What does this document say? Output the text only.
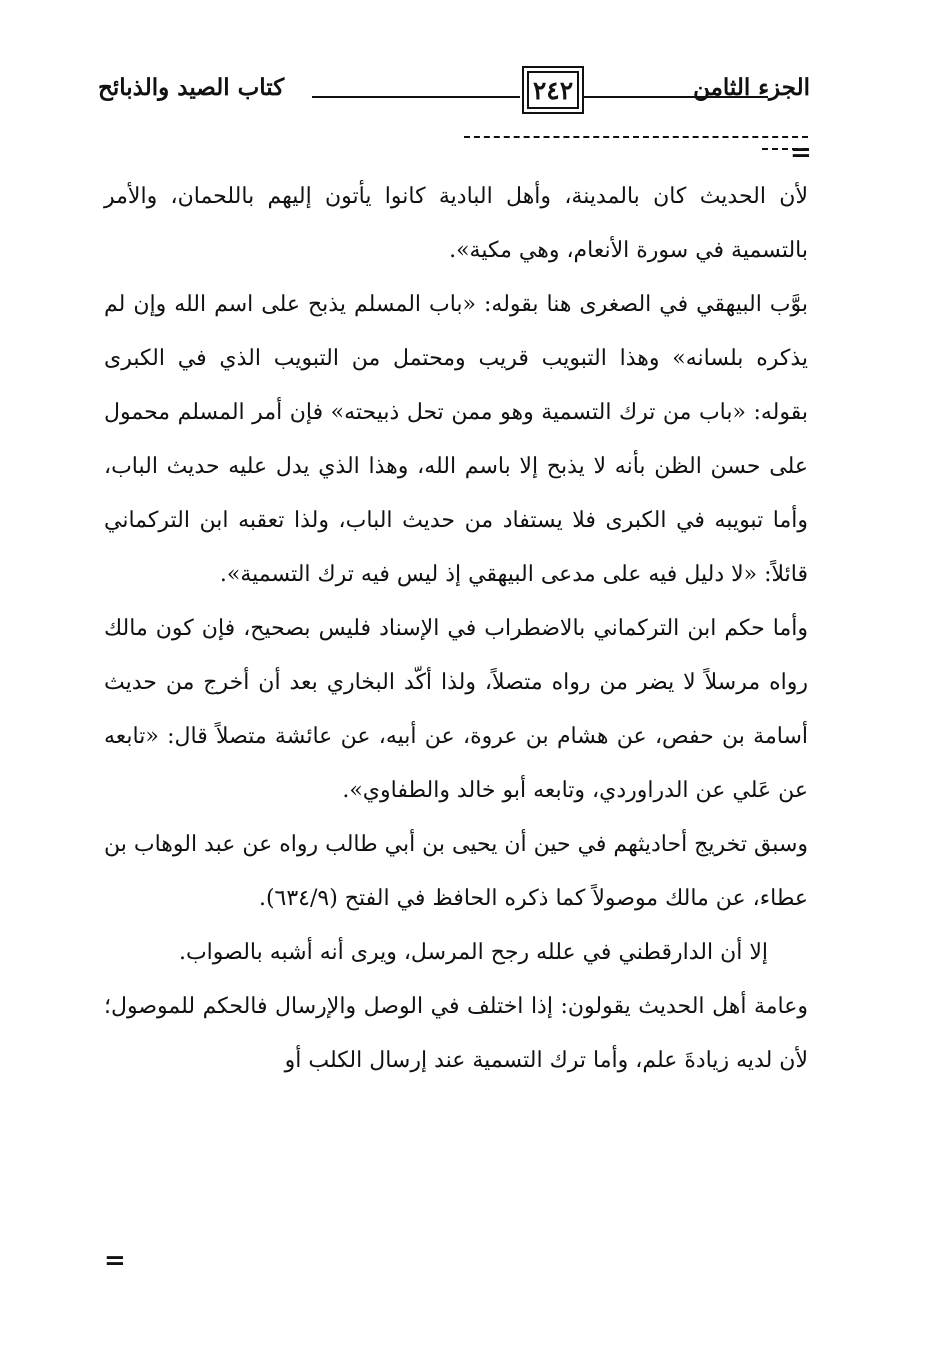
كتاب الصيد والذبائح	٢٤٢	الجزء الثامن
=

لأن الحديث كان بالمدينة، وأهل البادية كانوا يأتون إليهم باللحمان، والأمر بالتسمية في سورة الأنعام، وهي مكية».

بوَّب البيهقي في الصغرى هنا بقوله: «باب المسلم يذبح على اسم الله وإن لم يذكره بلسانه» وهذا التبويب قريب ومحتمل من التبويب الذي في الكبرى بقوله: «باب من ترك التسمية وهو ممن تحل ذبيحته» فإن أمر المسلم محمول على حسن الظن بأنه لا يذبح إلا باسم الله، وهذا الذي يدل عليه حديث الباب، وأما تبويبه في الكبرى فلا يستفاد من حديث الباب، ولذا تعقبه ابن التركماني قائلاً: «لا دليل فيه على مدعى البيهقي إذ ليس فيه ترك التسمية».

وأما حكم ابن التركماني بالاضطراب في الإسناد فليس بصحيح، فإن كون مالك رواه مرسلاً لا يضر من رواه متصلاً، ولذا أكّد البخاري بعد أن أخرج من حديث أسامة بن حفص، عن هشام بن عروة، عن أبيه، عن عائشة متصلاً قال: «تابعه عن عَلي عن الدراوردي، وتابعه أبو خالد والطفاوي».

وسبق تخريج أحاديثهم في حين أن يحيى بن أبي طالب رواه عن عبد الوهاب بن عطاء، عن مالك موصولاً كما ذكره الحافظ في الفتح (٦٣٤/٩).

إلا أن الدارقطني في علله رجح المرسل، ويرى أنه أشبه بالصواب.

وعامة أهل الحديث يقولون: إذا اختلف في الوصل والإرسال فالحكم للموصول؛ لأن لديه زيادةَ علم، وأما ترك التسمية عند إرسال الكلب أو

=
